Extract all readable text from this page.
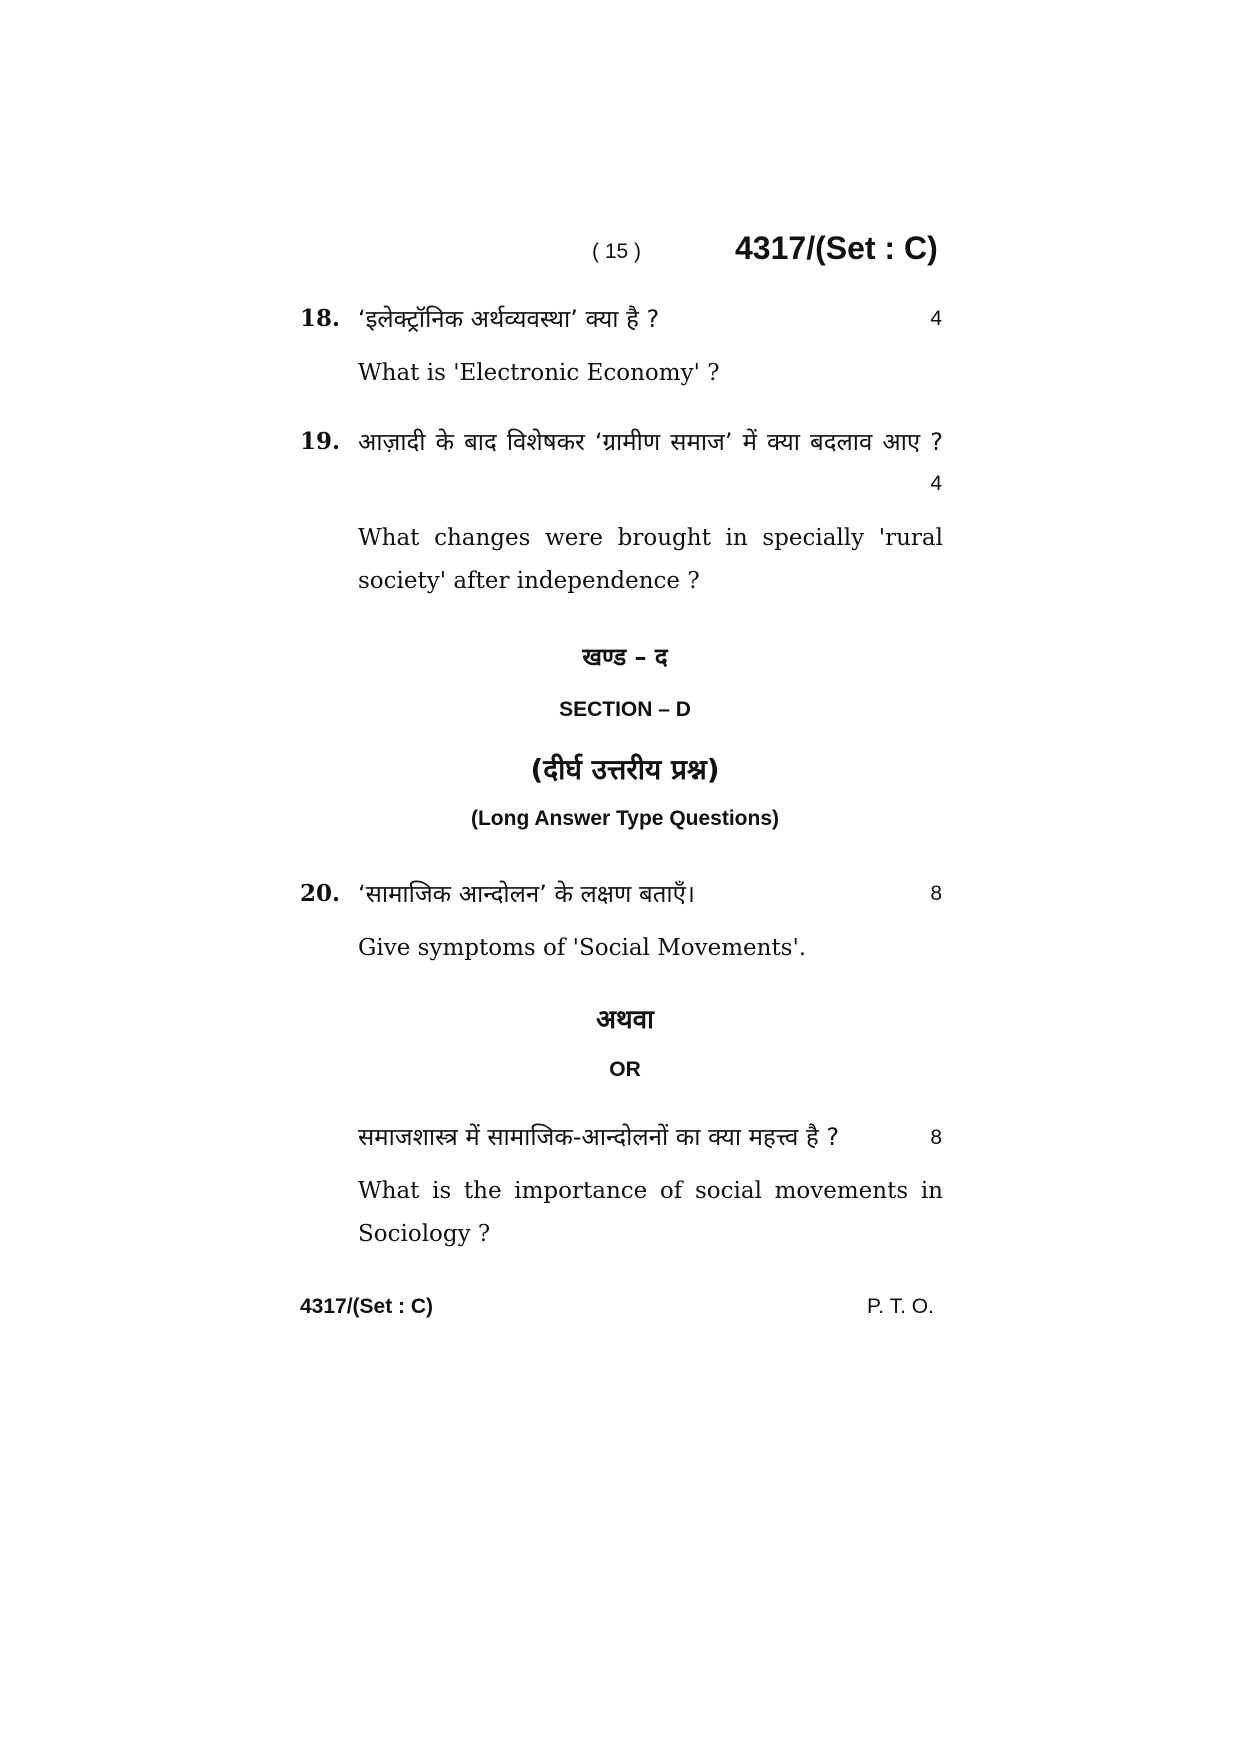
( 15 )	4317/(Set : C)
18. ‘इलेक्ट्रॉनिक अर्थव्यवस्था’ क्या है ?	4
What is 'Electronic Economy' ?
19. आज़ादी के बाद विशेषकर ‘ग्रामीण समाज’ में क्या बदलाव आए ?
4
What changes were brought in specially 'rural
society' after independence ?
खण्ड – द
SECTION – D
(दीर्घ उत्तरीय प्रश्न)
(Long Answer Type Questions)
20. ‘सामाजिक आन्दोलन’ के लक्षण बताएँ।	8
Give symptoms of 'Social Movements'.
अथवा
OR
समाजशास्त्र में सामाजिक-आन्दोलनों का क्या महत्त्व है ?	8
What is the importance of social movements in
Sociology ?
4317/(Set : C)	P. T. O.
